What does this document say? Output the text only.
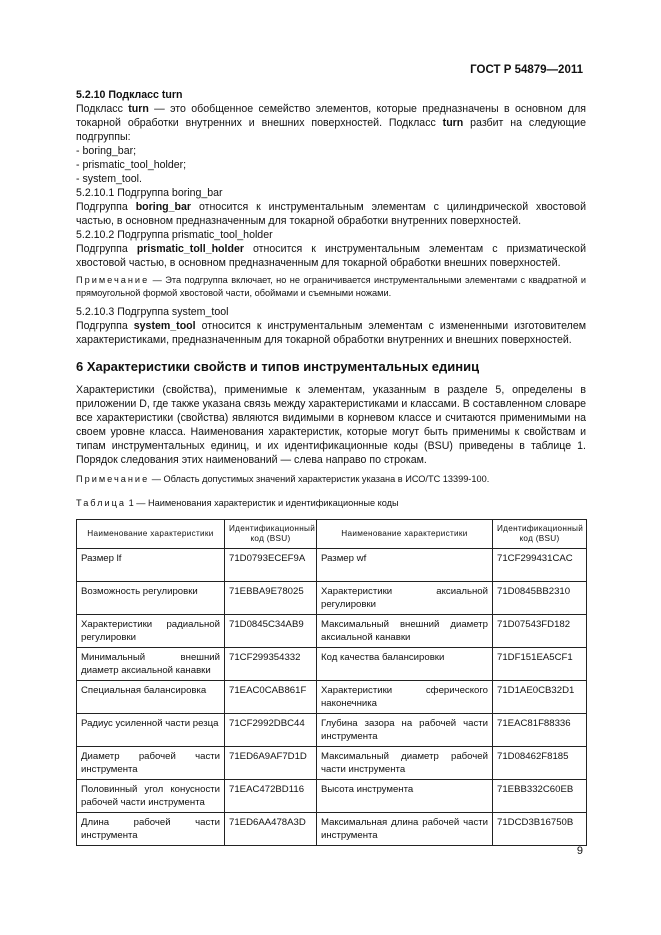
ГОСТ Р 54879—2011

5.2.10 Подкласс turn

Подкласс turn — это обобщенное семейство элементов, которые предназначены в основном для токарной обработки внутренних и внешних поверхностей. Подкласс turn разбит на следующие подгруппы:

- boring_bar;

- prismatic_tool_holder;

- system_tool.

5.2.10.1 Подгруппа boring_bar

Подгруппа boring_bar относится к инструментальным элементам с цилиндрической хвостовой частью, в основном предназначенным для токарной обработки внутренних поверхностей.

5.2.10.2 Подгруппа prismatic_tool_holder

Подгруппа prismatic_toll_holder относится к инструментальным элементам с призматической хвостовой частью, в основном предназначенным для токарной обработки внешних поверхностей.

Примечание — Эта подгруппа включает, но не ограничивается инструментальными элементами с квадратной и прямоугольной формой хвостовой части, обоймами и съемными ножами.

5.2.10.3 Подгруппа system_tool

Подгруппа system_tool относится к инструментальным элементам с измененными изготовителем характеристиками, предназначенным для токарной обработки внутренних и внешних поверхностей.

6 Характеристики свойств и типов инструментальных единиц

Характеристики (свойства), применимые к элементам, указанным в разделе 5, определены в приложении D, где также указана связь между характеристиками и классами. В составленном словаре все характеристики (свойства) являются видимыми в корневом классе и считаются применимыми на своем уровне класса. Наименования характеристик, которые могут быть применимы к свойствам и типам инструментальных единиц, и их идентификационные коды (BSU) приведены в таблице 1. Порядок следования этих наименований — слева направо по строкам.

Примечание — Область допустимых значений характеристик указана в ИСО/ТС 13399-100.

Таблица 1 — Наименования характеристик и идентификационные коды

Наименование характеристики	Идентификационный код (BSU)	Наименование характеристики	Идентификационный код (BSU)
Размер lf	71D0793ECEF9A	Размер wf	71CF299431CAC
Возможность регулировки	71EBBA9E78025	Характеристики аксиальной регулировки	71D0845BB2310
Характеристики радиальной регулировки	71D0845C34AB9	Максимальный внешний диаметр аксиальной канавки	71D07543FD182
Минимальный внешний диаметр аксиальной канавки	71CF299354332	Код качества балансировки	71DF151EA5CF1
Специальная балансировка	71EAC0CAB861F	Характеристики сферического наконечника	71D1AE0CB32D1
Радиус усиленной части резца	71CF2992DBC44	Глубина зазора на рабочей части инструмента	71EAC81F88336
Диаметр рабочей части инструмента	71ED6A9AF7D1D	Максимальный диаметр рабочей части инструмента	71D08462F8185
Половинный угол конусности рабочей части инструмента	71EAC472BD116	Высота инструмента	71EBB332C60EB
Длина рабочей части инструмента	71ED6AA478A3D	Максимальная длина рабочей части инструмента	71DCD3B16750B
9
